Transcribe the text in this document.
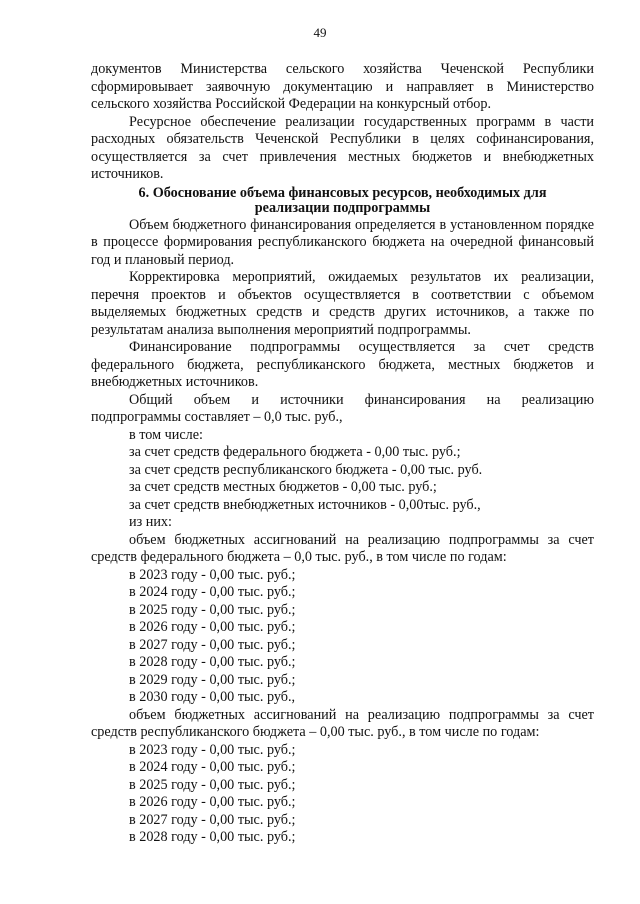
49

документов Министерства сельского хозяйства Чеченской Республики сформировывает заявочную документацию и направляет в Министерство сельского хозяйства Российской Федерации на конкурсный отбор.

Ресурсное обеспечение реализации государственных программ в части расходных обязательств Чеченской Республики в целях софинансирования, осуществляется за счет привлечения местных бюджетов и внебюджетных источников.

6. Обоснование объема финансовых ресурсов, необходимых для
реализации подпрограммы

Объем бюджетного финансирования определяется в установленном порядке в процессе формирования республиканского бюджета на очередной финансовый год и плановый период.

Корректировка мероприятий, ожидаемых результатов их реализации, перечня проектов и объектов осуществляется в соответствии с объемом выделяемых бюджетных средств и средств других источников, а также по результатам анализа выполнения мероприятий подпрограммы.

Финансирование подпрограммы осуществляется за счет средств федерального бюджета, республиканского бюджета, местных бюджетов и внебюджетных источников.

Общий объем и источники финансирования на реализацию

подпрограммы составляет – 0,0 тыс. руб.,

в том числе:

за счет средств федерального бюджета - 0,00 тыс. руб.;

за счет средств республиканского бюджета - 0,00 тыс. руб.

за счет средств местных бюджетов - 0,00 тыс. руб.;

за счет средств внебюджетных источников - 0,00тыс. руб.,

из них:

объем бюджетных ассигнований на реализацию подпрограммы за счет

средств федерального бюджета – 0,0 тыс. руб., в том числе по годам:

в 2023 году - 0,00 тыс. руб.;

в 2024 году - 0,00 тыс. руб.;

в 2025 году - 0,00 тыс. руб.;

в 2026 году - 0,00 тыс. руб.;

в 2027 году - 0,00 тыс. руб.;

в 2028 году - 0,00 тыс. руб.;

в 2029 году - 0,00 тыс. руб.;

в 2030 году - 0,00 тыс. руб.,

объем бюджетных ассигнований на реализацию подпрограммы за счет

средств республиканского бюджета – 0,00 тыс. руб., в том числе по годам:

в 2023 году - 0,00 тыс. руб.;

в 2024 году - 0,00 тыс. руб.;

в 2025 году - 0,00 тыс. руб.;

в 2026 году - 0,00 тыс. руб.;

в 2027 году - 0,00 тыс. руб.;

в 2028 году - 0,00 тыс. руб.;
